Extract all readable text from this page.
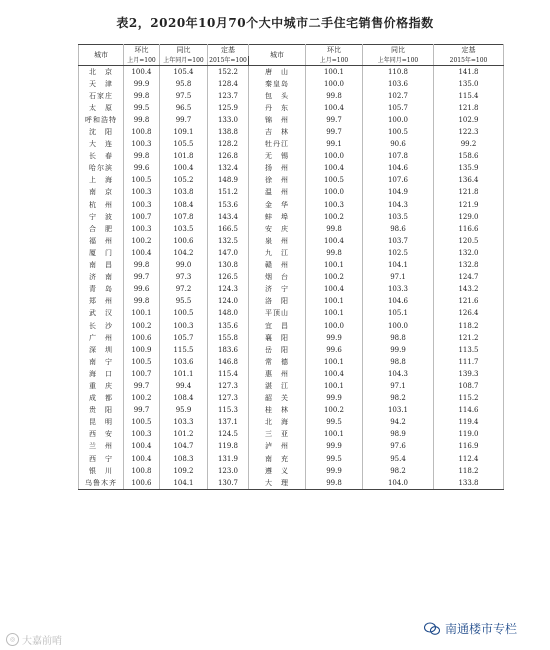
表2，2020年10月70个大中城市二手住宅销售价格指数
城市	环比	同比	定基	城市	环比	同比	定基
	上月=100	上年同月=100	2015年=100		上月=100	上年同月=100	2015年=100
北　京	100.4	105.4	152.2	唐　山	100.1	110.8	141.8
天　津	99.9	95.8	128.4	秦皇岛	100.0	103.6	135.0
石家庄	99.8	97.5	123.7	包　头	99.8	102.7	115.4
太　原	99.5	96.5	125.9	丹　东	100.4	105.7	121.8
呼和浩特	99.8	99.7	133.0	锦　州	99.7	100.0	102.9
沈　阳	100.8	109.1	138.8	吉　林	99.7	100.5	122.3
大　连	100.3	105.5	128.2	牡丹江	99.1	90.6	99.2
长　春	99.8	101.8	126.8	无　锡	100.0	107.8	158.6
哈尔滨	99.6	100.4	132.4	扬　州	100.4	104.6	135.9
上　海	100.5	105.2	148.9	徐　州	100.5	107.6	136.4
南　京	100.3	103.8	151.2	温　州	100.0	104.9	121.8
杭　州	100.3	108.4	153.6	金　华	100.3	104.3	121.9
宁　波	100.7	107.8	143.4	蚌　埠	100.2	103.5	129.0
合　肥	100.3	103.5	166.5	安　庆	99.8	98.6	116.6
福　州	100.2	100.6	132.5	泉　州	100.4	103.7	120.5
厦　门	100.4	104.2	147.0	九　江	99.8	102.5	132.0
南　昌	99.8	99.0	130.8	赣　州	100.1	104.1	132.8
济　南	99.7	97.3	126.5	烟　台	100.2	97.1	124.7
青　岛	99.6	97.2	124.3	济　宁	100.4	103.3	143.2
郑　州	99.8	95.5	124.0	洛　阳	100.1	104.6	121.6
武　汉	100.1	100.5	148.0	平顶山	100.1	105.1	126.4
长　沙	100.2	100.3	135.6	宜　昌	100.0	100.0	118.2
广　州	100.6	105.7	155.8	襄　阳	99.9	98.8	121.2
深　圳	100.9	115.5	183.6	岳　阳	99.6	99.9	113.5
南　宁	100.5	103.6	146.8	常　德	100.1	98.8	111.7
海　口	100.7	101.1	115.4	惠　州	100.4	104.3	139.3
重　庆	99.7	99.4	127.3	湛　江	100.1	97.1	108.7
成　都	100.2	108.4	127.3	韶　关	99.9	98.2	115.2
贵　阳	99.7	95.9	115.3	桂　林	100.2	103.1	114.6
昆　明	100.5	103.3	137.1	北　海	99.5	94.2	119.4
西　安	100.3	101.2	124.5	三　亚	100.1	98.9	119.0
兰　州	100.4	104.7	119.8	泸　州	99.9	97.6	116.9
西　宁	100.4	108.3	131.9	南　充	99.5	95.4	112.4
银　川	100.8	109.2	123.0	遵　义	99.9	98.2	118.2
乌鲁木齐	100.6	104.1	130.7	大　理	99.8	104.0	133.8
◎ 大嘉前哨
南通楼市专栏
